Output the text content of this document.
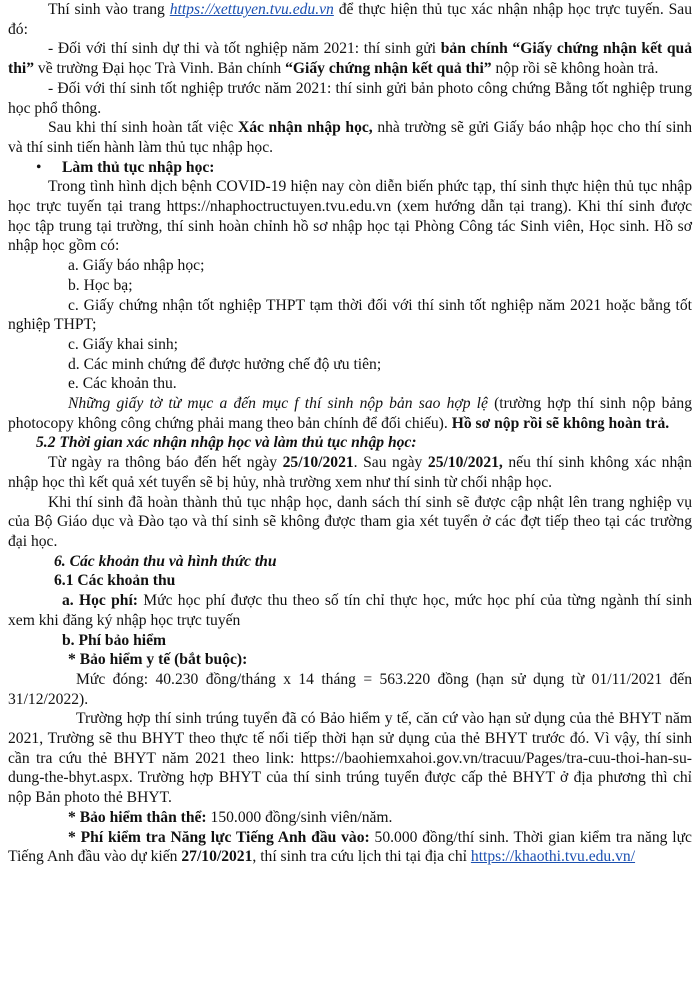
Thí sinh vào trang https://xettuyen.tvu.edu.vn để thực hiện thủ tục xác nhận nhập học trực tuyến. Sau đó:

- Đối với thí sinh dự thi và tốt nghiệp năm 2021: thí sinh gửi bản chính “Giấy chứng nhận kết quả thi” về trường Đại học Trà Vinh. Bản chính “Giấy chứng nhận kết quả thi” nộp rồi sẽ không hoàn trả.

- Đối với thí sinh tốt nghiệp trước năm 2021: thí sinh gửi bản photo công chứng Bằng tốt nghiệp trung học phổ thông.

Sau khi thí sinh hoàn tất việc Xác nhận nhập học, nhà trường sẽ gửi Giấy báo nhập học cho thí sinh và thí sinh tiến hành làm thủ tục nhập học.

•	Làm thủ tục nhập học:

Trong tình hình dịch bệnh COVID-19 hiện nay còn diễn biến phức tạp, thí sinh thực hiện thủ tục nhập học trực tuyến tại trang https://nhaphoctructuyen.tvu.edu.vn (xem hướng dẫn tại trang). Khi thí sinh được học tập trung tại trường, thí sinh hoàn chỉnh hồ sơ nhập học tại Phòng Công tác Sinh viên, Học sinh. Hồ sơ nhập học gồm có:

a. Giấy báo nhập học;

b. Học bạ;

c. Giấy chứng nhận tốt nghiệp THPT tạm thời đối với thí sinh tốt nghiệp năm 2021 hoặc bằng tốt nghiệp THPT;

c. Giấy khai sinh;

d. Các minh chứng để được hưởng chế độ ưu tiên;

e. Các khoản thu.

Những giấy tờ từ mục a đến mục f thí sinh nộp bản sao hợp lệ (trường hợp thí sinh nộp bảng photocopy không công chứng phải mang theo bản chính để đối chiếu). Hồ sơ nộp rồi sẽ không hoàn trả.

5.2 Thời gian xác nhận nhập học và làm thủ tục nhập học:

Từ ngày ra thông báo đến hết ngày 25/10/2021. Sau ngày 25/10/2021, nếu thí sinh không xác nhận nhập học thì kết quả xét tuyển sẽ bị hủy, nhà trường xem như thí sinh từ chối nhập học.

Khi thí sinh đã hoàn thành thủ tục nhập học, danh sách thí sinh sẽ được cập nhật lên trang nghiệp vụ của Bộ Giáo dục và Đào tạo và thí sinh sẽ không được tham gia xét tuyển ở các đợt tiếp theo tại các trường đại học.

6. Các khoản thu và hình thức thu

6.1 Các khoản thu

a. Học phí: Mức học phí được thu theo số tín chỉ thực học, mức học phí của từng ngành thí sinh xem khi đăng ký nhập học trực tuyến

b. Phí bảo hiểm

* Bảo hiểm y tế (bắt buộc):

Mức đóng: 40.230 đồng/tháng x 14 tháng = 563.220 đồng (hạn sử dụng từ 01/11/2021 đến 31/12/2022).

Trường hợp thí sinh trúng tuyển đã có Bảo hiểm y tế, căn cứ vào hạn sử dụng của thẻ BHYT năm 2021, Trường sẽ thu BHYT theo thực tế nối tiếp thời hạn sử dụng của thẻ BHYT trước đó. Vì vậy, thí sinh cần tra cứu thẻ BHYT năm 2021 theo link: https://baohiemxahoi.gov.vn/tracuu/Pages/tra-cuu-thoi-han-su-dung-the-bhyt.aspx. Trường hợp BHYT của thí sinh trúng tuyển được cấp thẻ BHYT ở địa phương thì chỉ nộp Bản photo thẻ BHYT.

* Bảo hiểm thân thể: 150.000 đồng/sinh viên/năm.

* Phí kiểm tra Năng lực Tiếng Anh đầu vào: 50.000 đồng/thí sinh. Thời gian kiểm tra năng lực Tiếng Anh đầu vào dự kiến 27/10/2021, thí sinh tra cứu lịch thi tại địa chỉ https://khaothi.tvu.edu.vn/
